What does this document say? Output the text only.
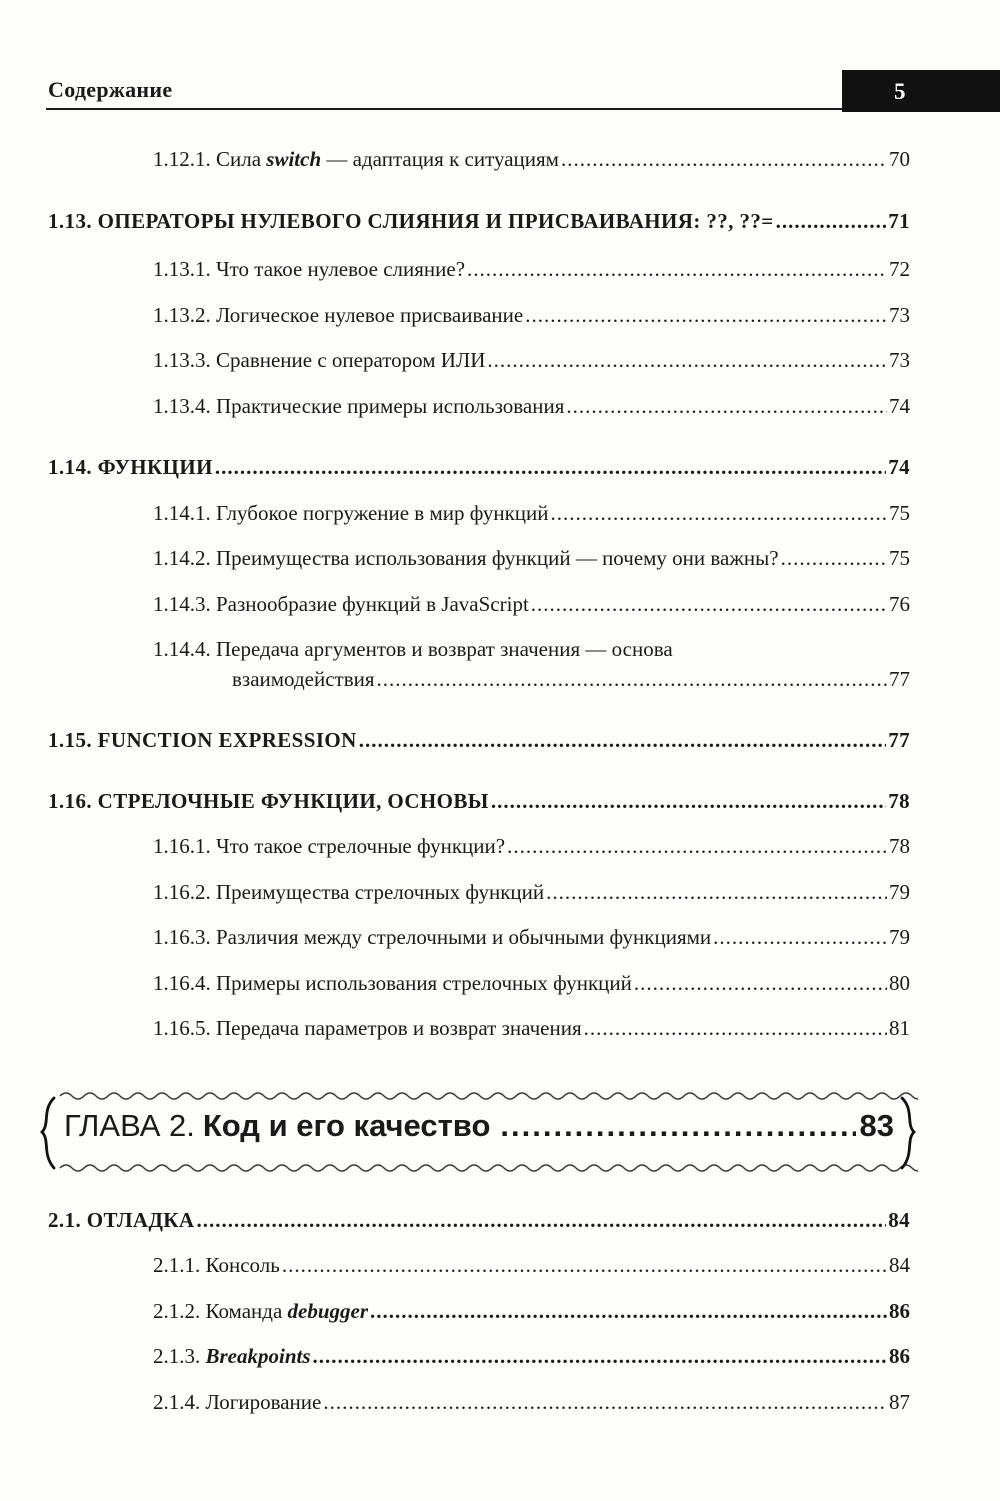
Содержание	5
1.12.1. Сила switch — адаптация к ситуациям .....	70
1.13. ОПЕРАТОРЫ НУЛЕВОГО СЛИЯНИЯ И ПРИСВАИВАНИЯ: ??, ??= .....	71
1.13.1. Что такое нулевое слияние? .....	72
1.13.2. Логическое нулевое присваивание .....	73
1.13.3. Сравнение с оператором ИЛИ .....	73
1.13.4. Практические примеры использования .....	74
1.14. ФУНКЦИИ .....	74
1.14.1. Глубокое погружение в мир функций .....	75
1.14.2. Преимущества использования функций — почему они важны? .....	75
1.14.3. Разнообразие функций в JavaScript .....	76
1.14.4. Передача аргументов и возврат значения — основа
взаимодействия .....	77
1.15. FUNCTION EXPRESSION .....	77
1.16. СТРЕЛОЧНЫЕ ФУНКЦИИ, ОСНОВЫ .....	78
1.16.1. Что такое стрелочные функции? .....	78
1.16.2. Преимущества стрелочных функций .....	79
1.16.3. Различия между стрелочными и обычными функциями .....	79
1.16.4. Примеры использования стрелочных функций .....	80
1.16.5. Передача параметров и возврат значения .....	81
ГЛАВА 2. Код и его качество .....	83
2.1. ОТЛАДКА .....	84
2.1.1. Консоль .....	84
2.1.2. Команда debugger .....	86
2.1.3. Breakpoints .....	86
2.1.4. Логирование .....	87
